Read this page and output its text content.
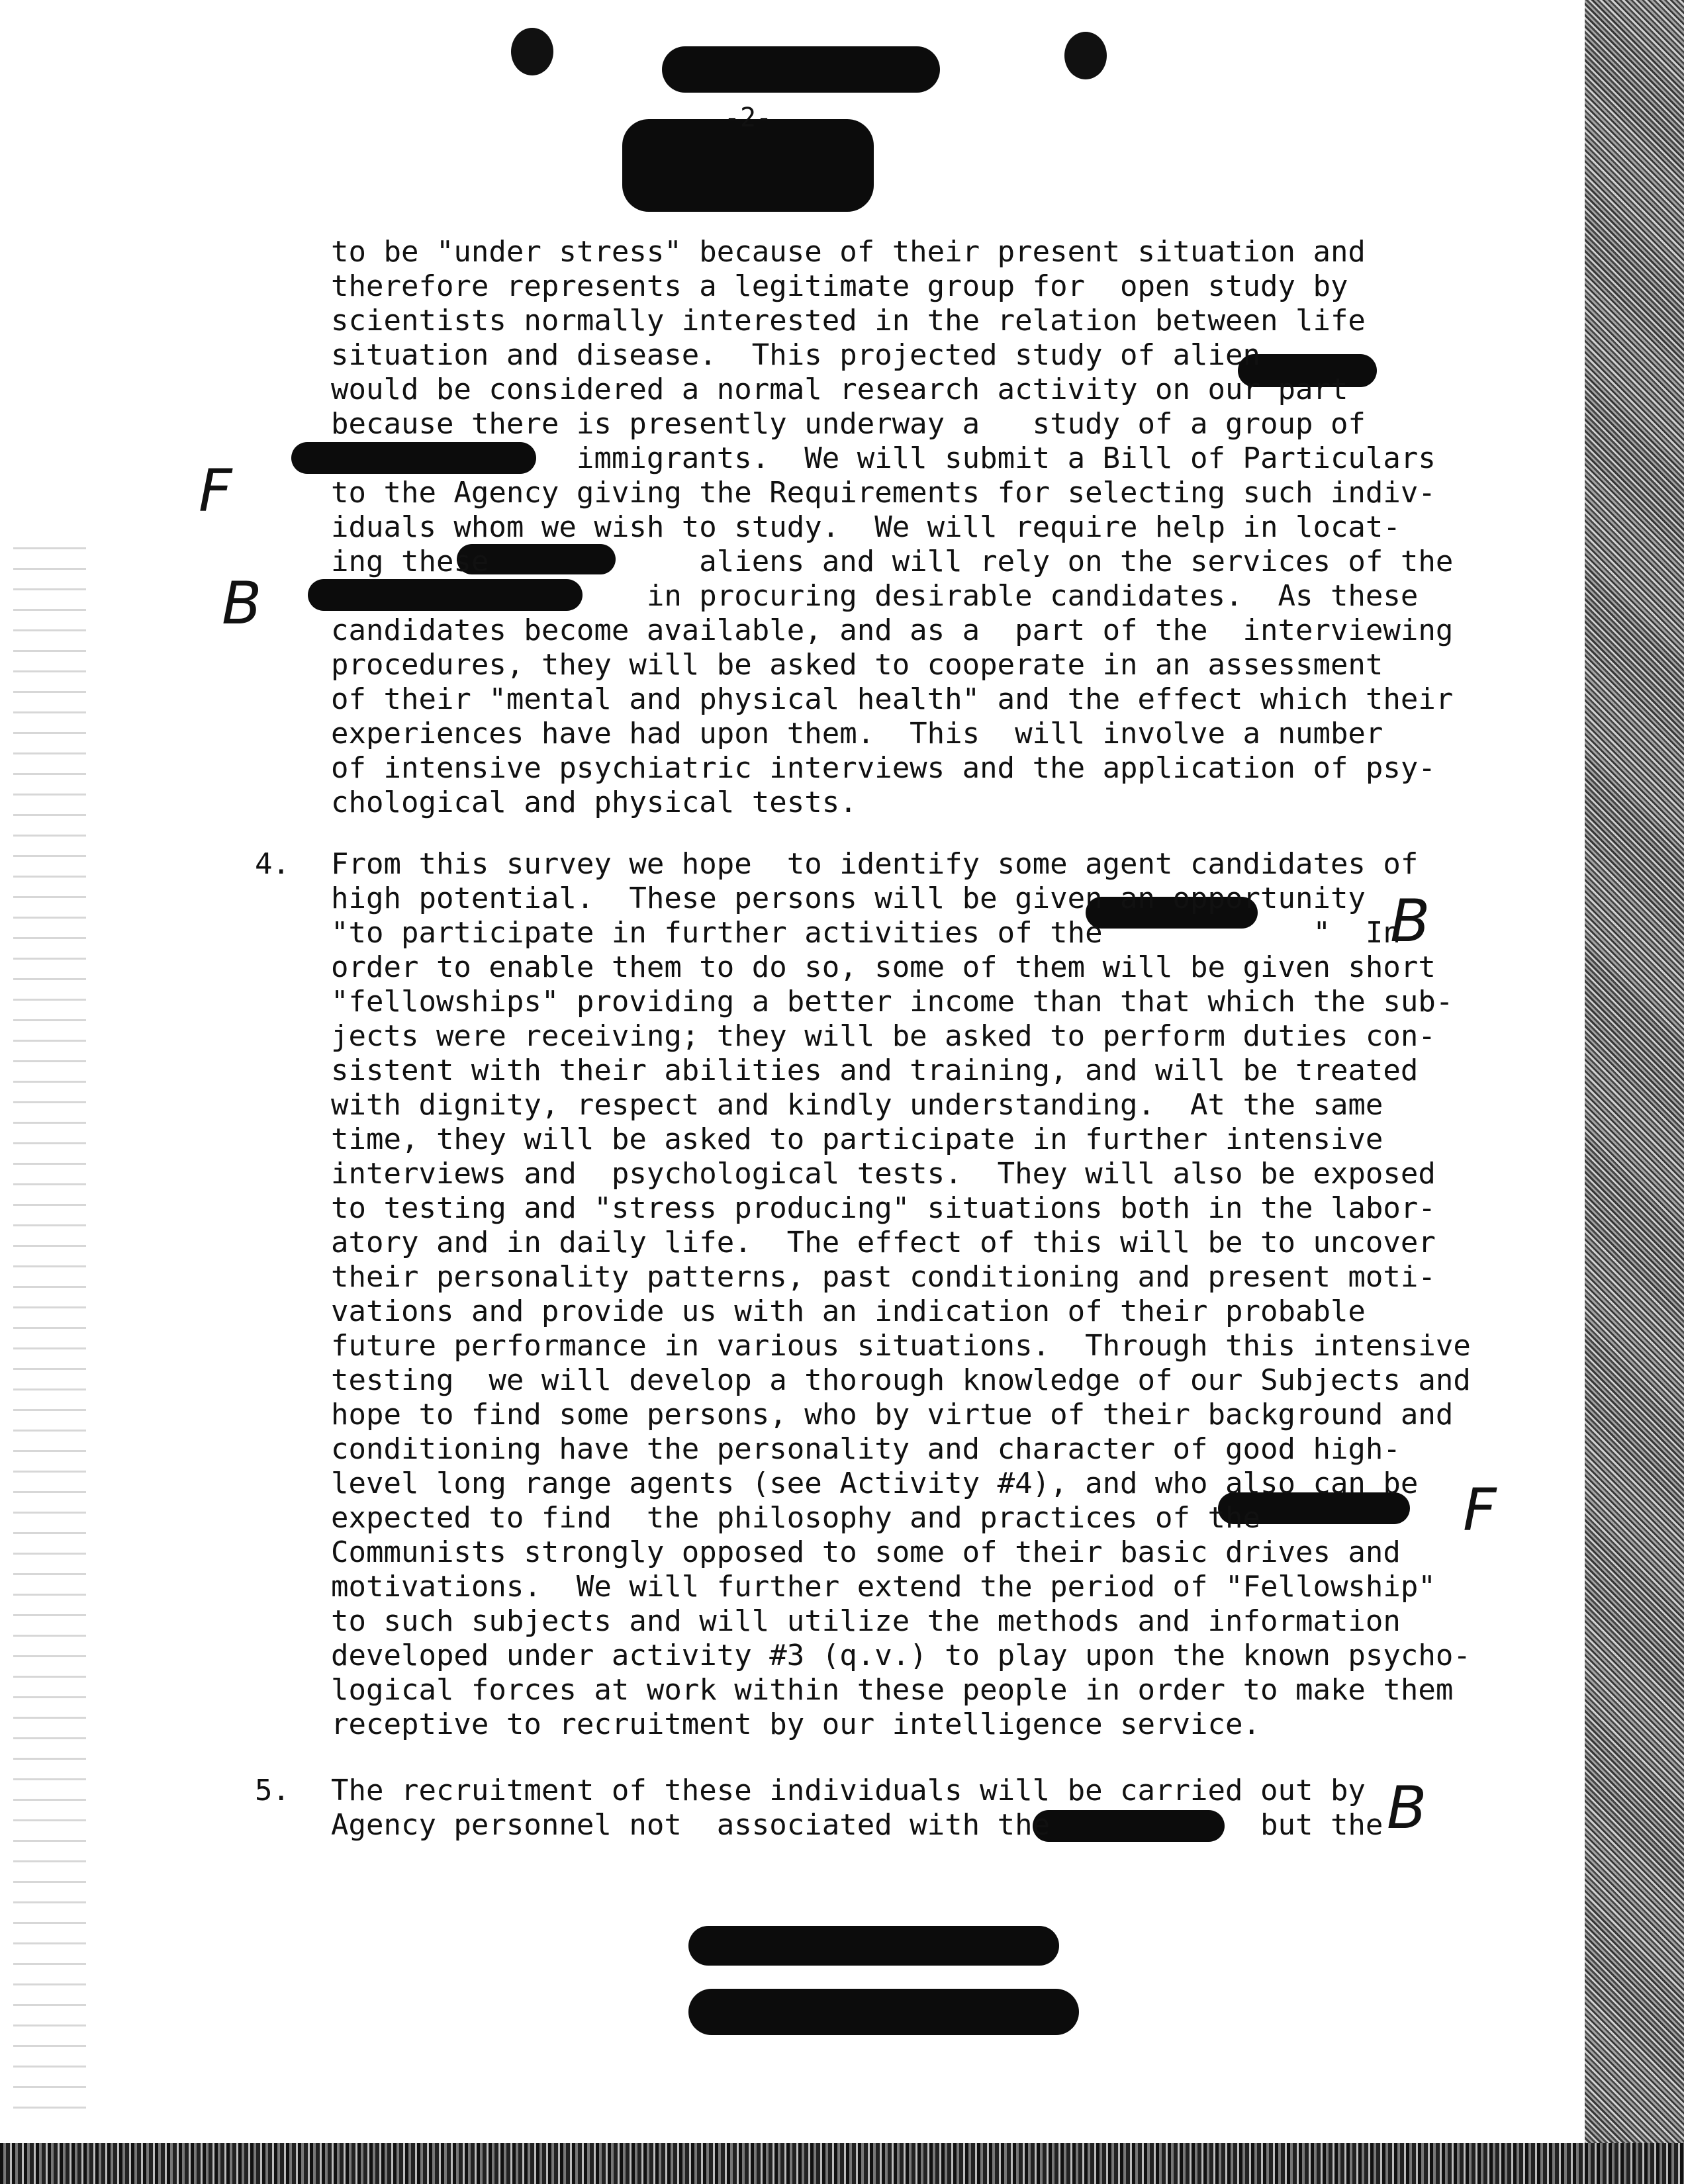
-2-
to be "under stress" because of their present situation and
therefore represents a legitimate group for  open study by
scientists normally interested in the relation between life
situation and disease.  This projected study of alien
would be considered a normal research activity on our part
because there is presently underway a   study of a group of
immigrants.  We will submit a Bill of Particulars
to the Agency giving the Requirements for selecting such indiv-
iduals whom we wish to study.  We will require help in locat-
ing these            aliens and will rely on the services of the
in procuring desirable candidates.  As these
candidates become available, and as a  part of the  interviewing
procedures, they will be asked to cooperate in an assessment
of their "mental and physical health" and the effect which their
experiences have had upon them.  This  will involve a number
of intensive psychiatric interviews and the application of psy-
chological and physical tests.
4. From this survey we hope  to identify some agent candidates of
high potential.  These persons will be given an opportunity
"to participate in further activities of the            "  In
order to enable them to do so, some of them will be given short
"fellowships" providing a better income than that which the sub-
jects were receiving; they will be asked to perform duties con-
sistent with their abilities and training, and will be treated
with dignity, respect and kindly understanding.  At the same
time, they will be asked to participate in further intensive
interviews and  psychological tests.  They will also be exposed
to testing and "stress producing" situations both in the labor-
atory and in daily life.  The effect of this will be to uncover
their personality patterns, past conditioning and present moti-
vations and provide us with an indication of their probable
future performance in various situations.  Through this intensive
testing  we will develop a thorough knowledge of our Subjects and
hope to find some persons, who by virtue of their background and
conditioning have the personality and character of good high-
level long range agents (see Activity #4), and who also can be
expected to find  the philosophy and practices of the
Communists strongly opposed to some of their basic drives and
motivations.  We will further extend the period of "Fellowship"
to such subjects and will utilize the methods and information
developed under activity #3 (q.v.) to play upon the known psycho-
logical forces at work within these people in order to make them
receptive to recruitment by our intelligence service.
5. The recruitment of these individuals will be carried out by
Agency personnel not  associated with the            but the
F
B
B
F
B
